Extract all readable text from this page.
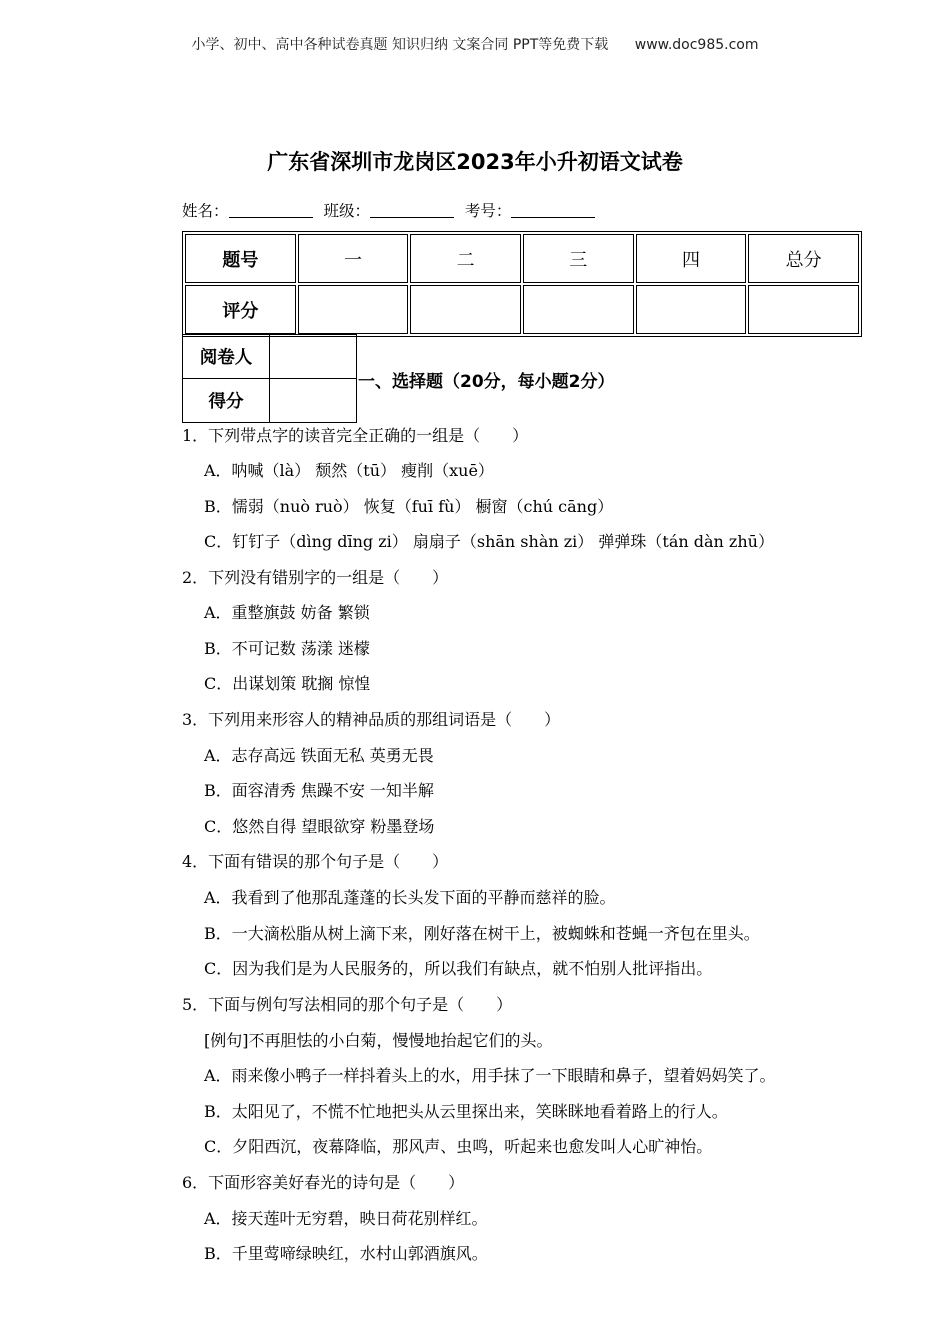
小学、初中、高中各种试卷真题 知识归纳 文案合同 PPT等免费下载 www.doc985.com
广东省深圳市龙岗区2023年小升初语文试卷
姓名：	班级：	考号：
题号	一	二	三	四	总分
评分					
阅卷人	
得分	
一、选择题（20分，每小题2分）
1．下列带点字的读音完全正确的一组是（　　）
A．呐喊（là） 颓然（tū） 瘦削（xuē）
B．懦弱（nuò ruò） 恢复（fuī fù） 橱窗（chú cāng）
C．钉钉子（dìng dīng zi） 扇扇子（shān shàn zi） 弹弹珠（tán dàn zhū）
2．下列没有错别字的一组是（　　）
A．重整旗鼓 妨备 繁锁
B．不可记数 荡漾 迷檬
C．出谋划策 耽搁 惊惶
3．下列用来形容人的精神品质的那组词语是（　　）
A．志存高远 铁面无私 英勇无畏
B．面容清秀 焦躁不安 一知半解
C．悠然自得 望眼欲穿 粉墨登场
4．下面有错误的那个句子是（　　）
A．我看到了他那乱蓬蓬的长头发下面的平静而慈祥的脸。
B．一大滴松脂从树上滴下来，刚好落在树干上，被蜘蛛和苍蝇一齐包在里头。
C．因为我们是为人民服务的，所以我们有缺点，就不怕别人批评指出。
5．下面与例句写法相同的那个句子是（　　）
[例句]不再胆怯的小白菊，慢慢地抬起它们的头。
A．雨来像小鸭子一样抖着头上的水，用手抹了一下眼睛和鼻子，望着妈妈笑了。
B．太阳见了，不慌不忙地把头从云里探出来，笑眯眯地看着路上的行人。
C．夕阳西沉，夜幕降临，那风声、虫鸣，听起来也愈发叫人心旷神怡。
6．下面形容美好春光的诗句是（　　）
A．接天莲叶无穷碧，映日荷花别样红。
B．千里莺啼绿映红，水村山郭酒旗风。
